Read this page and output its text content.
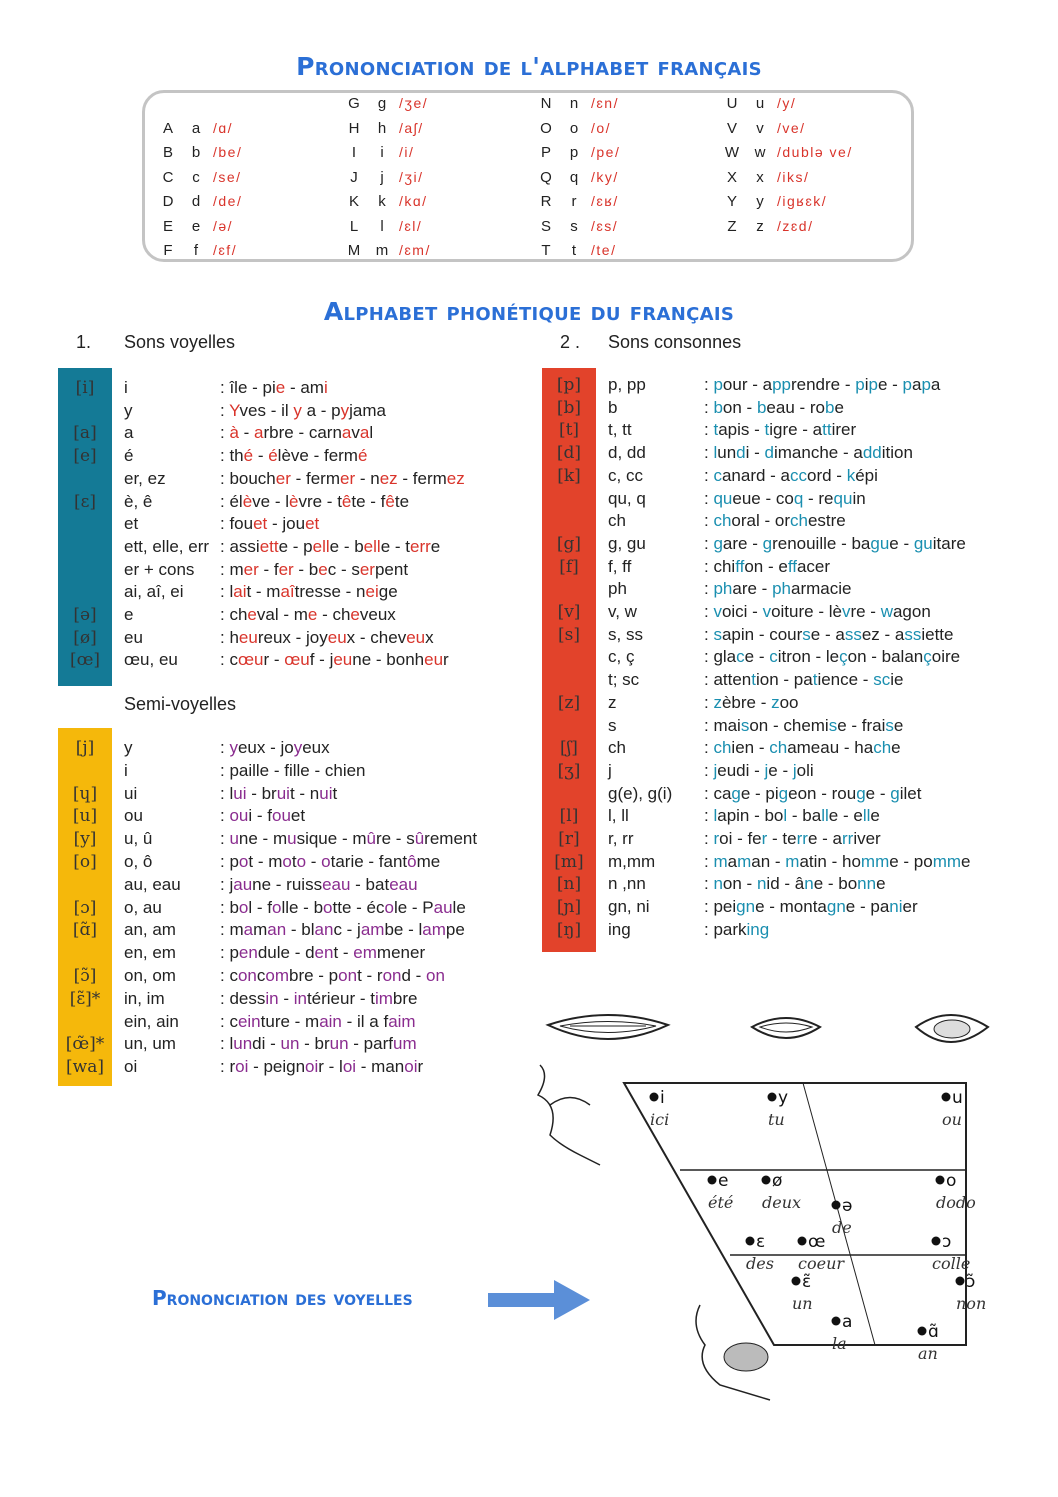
Prononciation de l'alphabet français
A	a /ɑ/
B	b /be/
C	c /se/
D	d /de/
E	e /ə/
F	f	/ɛf/
G	g /ʒe/
H	h /aʃ/
I	i	/i/
J	j	/ʒi/
K	k /kɑ/
L	l	/ɛl/
M m /ɛm/
N	n /ɛn/
O	o /o/
P	p /pe/
Q	q /ky/
R	r	/ɛʁ/
S	s /ɛs/
T	t	/te/
U	u /y/
V	v /ve/
W w /dublə ve/
X	x /iks/
Y	y /igʁɛk/
Z	z /zɛd/
Alphabet phonétique du français
1. Sons voyelles	2 . Sons consonnes
Semi-voyelles
[i]	i	: île - pie - ami
y	: Yves - il y a - pyjama
[a]	a	: à - arbre - carnaval
[e]	é	: thé - élève - fermé
er, ez	: boucher - fermer - nez - fermez
[ɛ]	è, ê	: élève - lèvre - tête - fête
et	: fouet - jouet
ett, elle, err : assiette - pelle - belle - terre
er + cons : mer - fer - bec - serpent
ai, aî, ei : lait - maîtresse - neige
[ə]	e	: cheval - me - cheveux
[ø]	eu	: heureux - joyeux - cheveux
[œ]	œu, eu : cœur - œuf - jeune - bonheur
[j]	y	: yeux - joyeux
i	: paille - fille - chien
[ɥ]	ui	: lui - bruit - nuit
[u]	ou	: oui - fouet
[y]	u, û	: une - musique - mûre - sûrement
[o]	o, ô	: pot - moto - otarie - fantôme
au, eau : jaune - ruisseau - bateau
[ɔ]	o, au	: bol - folle - botte - école - Paule
[ɑ̃]	an, am	: maman - blanc - jambe - lampe
en, em	: pendule - dent - emmener
[ɔ̃]	on, om	: concombre - pont - rond - on
[ɛ̃]*	in, im	: dessin - intérieur - timbre
ein, ain : ceinture - main - il a faim
[œ̃]*	un, um	: lundi - un - brun - parfum
[wa]	oi	: roi - peignoir - loi - manoir
[p]	p, pp	: pour - apprendre - pipe - papa
[b]	b	: bon - beau - robe
[t]	t, tt	: tapis - tigre - attirer
[d]	d, dd	: lundi - dimanche - addition
[k]	c, cc	: canard - accord - képi
qu, q	: queue - coq - requin
ch	: choral - orchestre
[g]	g, gu	: gare - grenouille - bague - guitare
[f]	f, ff	: chiffon - effacer
ph	: phare - pharmacie
[v]	v, w	: voici - voiture - lèvre - wagon
[s]	s, ss	: sapin - course - assez - assiette
c, ç	: glace - citron - leçon - balançoire
t; sc	: attention - patience - scie
[z]	z	: zèbre - zoo
s	: maison - chemise - fraise
[ʃ]	ch	: chien - chameau - hache
[ʒ]	j	: jeudi - je - joli
g(e), g(i) : cage - pigeon - rouge - gilet
[l]	l, ll	: lapin - bol - balle - elle
[r]	r, rr	: roi - fer - terre - arriver
[m]	m,mm	: maman - matin - homme - pomme
[n]	n ,nn	: non - nid - âne - bonne
[ɲ]	gn, ni	: peigne - montagne - panier
[ŋ]	ing	: parking
Prononciation des voyelles
i
ici
y
tu
u
ou
e
été
ø
deux ə
de
o
dodo
ɛ
des
œ
coeur
ɔ
colle
ɛ̃
un
ɔ̃
non
a
la
ɑ̃
an
